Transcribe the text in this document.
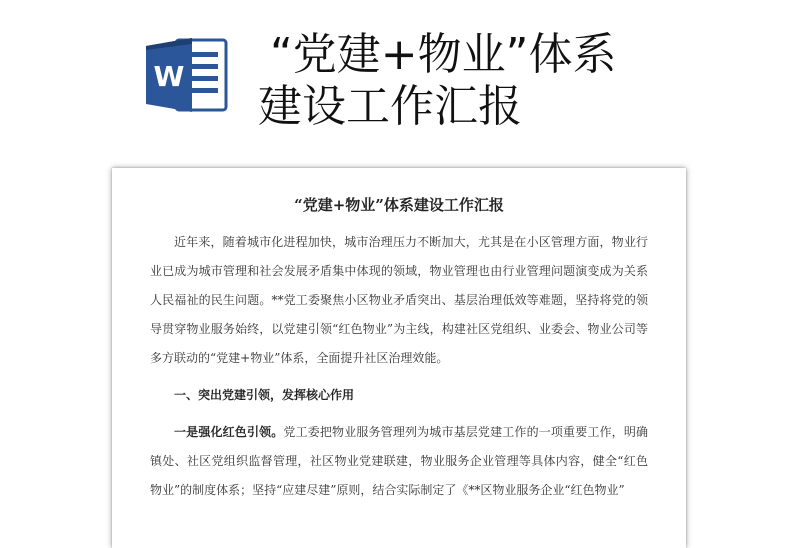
W “党建+物业”体系
建设工作汇报
“党建+物业”体系建设工作汇报

近年来，随着城市化进程加快，城市治理压力不断加大，尤其是在小区管理方面，物业行业已成为城市管理和社会发展矛盾集中体现的领域，物业管理也由行业管理问题演变成为关系人民福祉的民生问题。**党工委聚焦小区物业矛盾突出、基层治理低效等难题，坚持将党的领导贯穿物业服务始终，以党建引领“红色物业”为主线，构建社区党组织、业委会、物业公司等多方联动的“党建+物业”体系，全面提升社区治理效能。

一、突出党建引领，发挥核心作用

一是强化红色引领。党工委把物业服务管理列为城市基层党建工作的一项重要工作，明确镇处、社区党组织监督管理，社区物业党建联建，物业服务企业管理等具体内容，健全“红色物业”的制度体系；坚持“应建尽建”原则，结合实际制定了《**区物业服务企业“红色物业”
